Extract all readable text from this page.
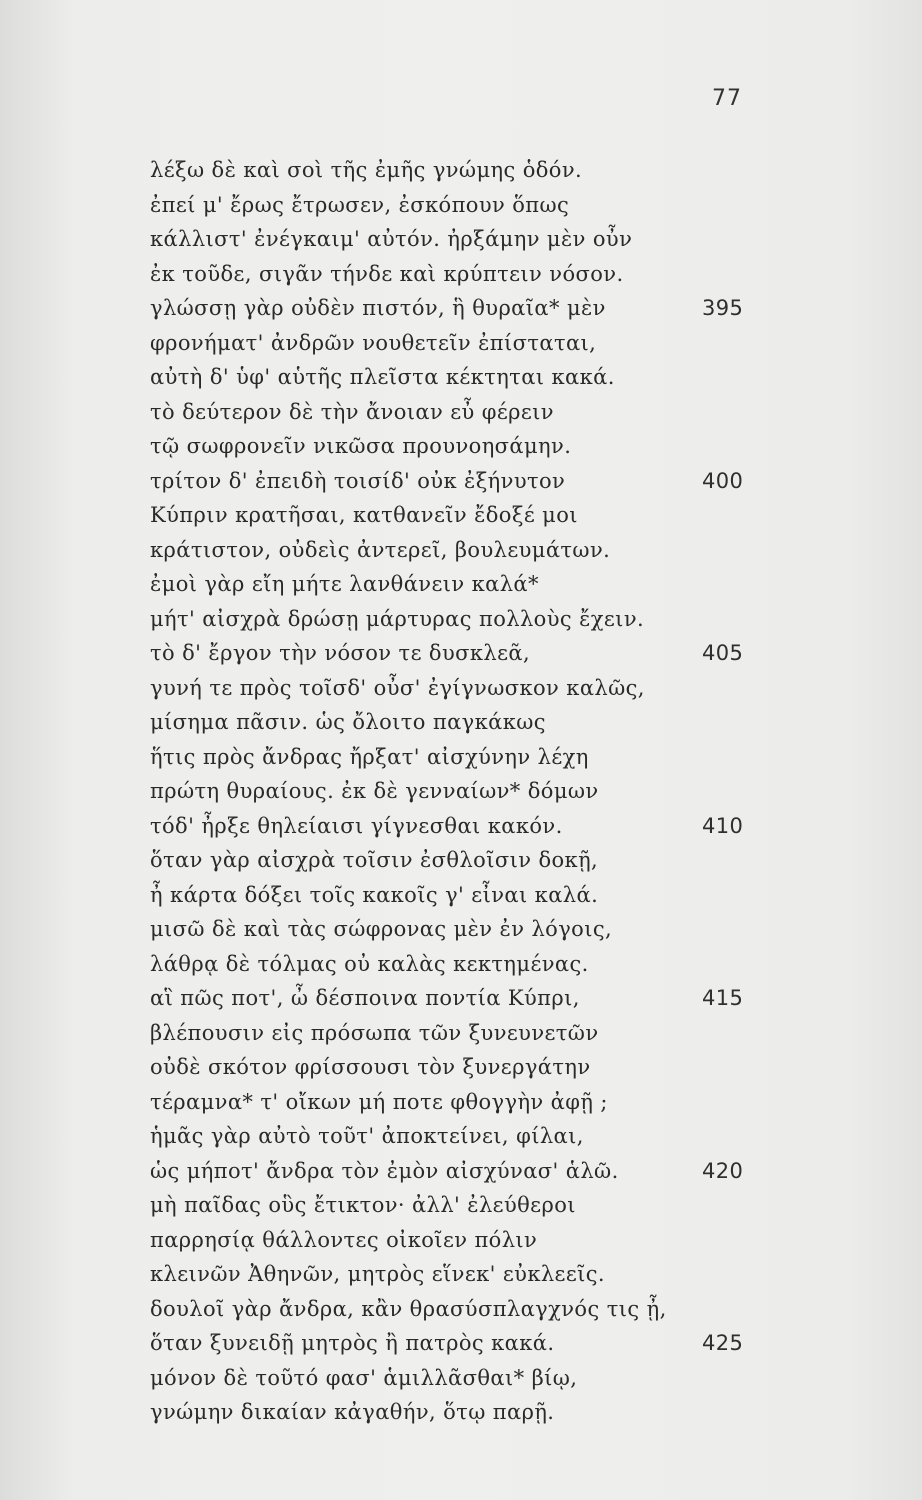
77
λέξω δὲ καὶ σοὶ τῆς ἐμῆς γνώμης ὁδόν.
ἐπεί μ' ἔρως ἔτρωσεν, ἐσκόπουν ὅπως
κάλλιστ' ἐνέγκαιμ' αὐτόν. ἠρξάμην μὲν οὖν
ἐκ τοῦδε, σιγᾶν τήνδε καὶ κρύπτειν νόσον.
γλώσσῃ γὰρ οὐδὲν πιστόν, ἣ θυραῖα* μὲν	395
φρονήματ' ἀνδρῶν νουθετεῖν ἐπίσταται,
αὐτὴ δ' ὑφ' αὑτῆς πλεῖστα κέκτηται κακά.
τὸ δεύτερον δὲ τὴν ἄνοιαν εὖ φέρειν
τῷ σωφρονεῖν νικῶσα προυνοησάμην.
τρίτον δ' ἐπειδὴ τοισίδ' οὐκ ἐξήνυτον	400
Κύπριν κρατῆσαι, κατθανεῖν ἔδοξέ μοι
κράτιστον, οὐδεὶς ἀντερεῖ, βουλευμάτων.
ἐμοὶ γὰρ εἴη μήτε λανθάνειν καλά*
μήτ' αἰσχρὰ δρώσῃ μάρτυρας πολλοὺς ἔχειν.
τὸ δ' ἔργον τὴν νόσον τε δυσκλεᾶ,	405
γυνή τε πρὸς τοῖσδ' οὖσ' ἐγίγνωσκον καλῶς,
μίσημα πᾶσιν. ὡς ὄλοιτο παγκάκως
ἥτις πρὸς ἄνδρας ἤρξατ' αἰσχύνην λέχη
πρώτη θυραίους. ἐκ δὲ γενναίων* δόμων
τόδ' ἦρξε θηλείαισι γίγνεσθαι κακόν.	410
ὅταν γὰρ αἰσχρὰ τοῖσιν ἐσθλοῖσιν δοκῇ,
ἦ κάρτα δόξει τοῖς κακοῖς γ' εἶναι καλά.
μισῶ δὲ καὶ τὰς σώφρονας μὲν ἐν λόγοις,
λάθρᾳ δὲ τόλμας οὐ καλὰς κεκτημένας.
αἳ πῶς ποτ', ὦ δέσποινα ποντία Κύπρι,	415
βλέπουσιν εἰς πρόσωπα τῶν ξυνευνετῶν
οὐδὲ σκότον φρίσσουσι τὸν ξυνεργάτην
τέραμνα* τ' οἴκων μή ποτε φθογγὴν ἀφῇ ;
ἡμᾶς γὰρ αὐτὸ τοῦτ' ἀποκτείνει, φίλαι,
ὡς μήποτ' ἄνδρα τὸν ἐμὸν αἰσχύνασ' ἁλῶ.	420
μὴ παῖδας οὓς ἔτικτον· ἀλλ' ἐλεύθεροι
παρρησίᾳ θάλλοντες οἰκοῖεν πόλιν
κλεινῶν Ἀθηνῶν, μητρὸς εἵνεκ' εὐκλεεῖς.
δουλοῖ γὰρ ἄνδρα, κἂν θρασύσπλαγχνός τις ᾖ,
ὅταν ξυνειδῇ μητρὸς ἢ πατρὸς κακά.	425
μόνον δὲ τοῦτό φασ' ἁμιλλᾶσθαι* βίῳ,
γνώμην δικαίαν κἀγαθήν, ὅτῳ παρῇ.
